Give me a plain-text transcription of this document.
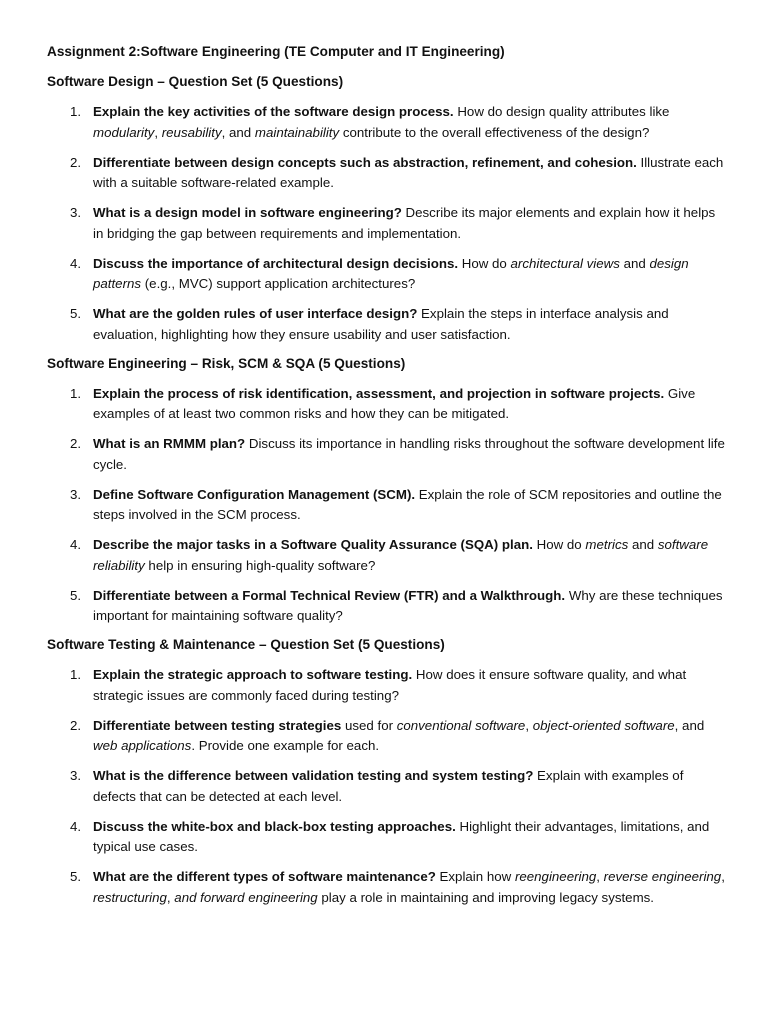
Assignment 2:Software Engineering (TE Computer and IT Engineering)
Software Design – Question Set (5 Questions)
1. Explain the key activities of the software design process. How do design quality attributes like modularity, reusability, and maintainability contribute to the overall effectiveness of the design?
2. Differentiate between design concepts such as abstraction, refinement, and cohesion. Illustrate each with a suitable software-related example.
3. What is a design model in software engineering? Describe its major elements and explain how it helps in bridging the gap between requirements and implementation.
4. Discuss the importance of architectural design decisions. How do architectural views and design patterns (e.g., MVC) support application architectures?
5. What are the golden rules of user interface design? Explain the steps in interface analysis and evaluation, highlighting how they ensure usability and user satisfaction.
Software Engineering – Risk, SCM & SQA (5 Questions)
1. Explain the process of risk identification, assessment, and projection in software projects. Give examples of at least two common risks and how they can be mitigated.
2. What is an RMMM plan? Discuss its importance in handling risks throughout the software development life cycle.
3. Define Software Configuration Management (SCM). Explain the role of SCM repositories and outline the steps involved in the SCM process.
4. Describe the major tasks in a Software Quality Assurance (SQA) plan. How do metrics and software reliability help in ensuring high-quality software?
5. Differentiate between a Formal Technical Review (FTR) and a Walkthrough. Why are these techniques important for maintaining software quality?
Software Testing & Maintenance – Question Set (5 Questions)
1. Explain the strategic approach to software testing. How does it ensure software quality, and what strategic issues are commonly faced during testing?
2. Differentiate between testing strategies used for conventional software, object-oriented software, and web applications. Provide one example for each.
3. What is the difference between validation testing and system testing? Explain with examples of defects that can be detected at each level.
4. Discuss the white-box and black-box testing approaches. Highlight their advantages, limitations, and typical use cases.
5. What are the different types of software maintenance? Explain how reengineering, reverse engineering, restructuring, and forward engineering play a role in maintaining and improving legacy systems.
